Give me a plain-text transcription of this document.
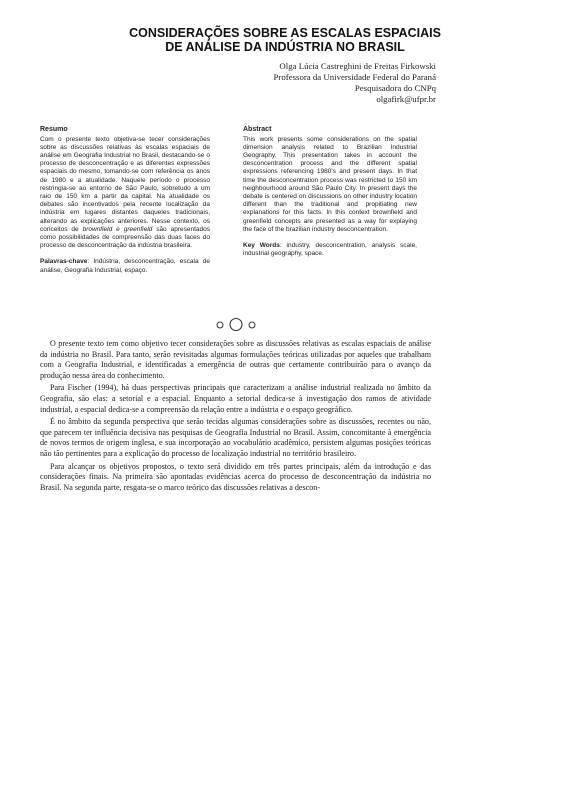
CONSIDERAÇÕES SOBRE AS ESCALAS ESPACIAIS
DE ANÁLISE DA INDÚSTRIA NO BRASIL
Olga Lúcia Castreghini de Freitas Firkowski
Professora da Universidade Federal do Paraná
Pesquisadora do CNPq
olgafirk@ufpr.br
Resumo

Com o presente texto objetiva-se tecer considerações sobre as discussões relativas às escalas espaciais de análise em Geografia Industrial no Brasil, destacando-se o processo de desconcentração e as diferentes expressões espaciais do mesmo, tomando-se com referência os anos de 1980 e a atualidade. Naquele período o processo restringia-se ao entorno de São Paulo, sobretudo a um raio de 150 km a partir da capital. Na atualidade os debates são incentivados pela recente localização da indústria em lugares distantes daqueles tradicionais, alterando as explicações anteriores. Nesse contexto, os conceitos de brownfield e greenfield são apresentados como possibilidades de compreensão das duas faces do processo de desconcentração da indústria brasileira.

Palavras-chave: Indústria, desconcentração, escala de análise, Geografia Industrial, espaço.

Abstract

This work presents some considerations on the spatial dimension analysis related to Brazilian Industrial Geography. This presentation takes in account the desconcentration process and the different spatial expressions referencing 1980's and present days. In that time the desconcentration process was restricted to 150 km neighbourhood around São Paulo City. In present days the debate is centered on discussions on other industry location different than the traditional and propitiating new explanations for this facts. In this context brownfield and greenfield concepts are presented as a way for explaying the face of the brazilian industry desconcentration.

Key Words: industry, desconcentration, analysis scale, industrial geography, space.

O presente texto tem como objetivo tecer considerações sobre as discussões relativas as escalas espaciais de análise da indústria no Brasil. Para tanto, serão revisitadas algumas formulações teóricas utilizadas por aqueles que trabalham com a Geografia Industrial, e identificadas a emergência de outras que certamente contribuirão para o avanço da produção nessa área do conhecimento.

Para Fischer (1994), há duas perspectivas principais que caracterizam a análise industrial realizada no âmbito da Geografia, são elas: a setorial e a espacial. Enquanto a setorial dedica-se à investigação dos ramos de atividade industrial, a espacial dedica-se a compreensão da relação entre a indústria e o espaço geográfico.

É no âmbito da segunda perspectiva que serão tecidas algumas considerações sobre as discussões, recentes ou não, que parecem ter influência decisiva nas pesquisas de Geografia Industrial no Brasil. Assim, concomitante à emergência de novos termos de origem inglesa, e sua incorporação ao vocabulário acadêmico, persistem algumas posições teóricas não tão pertinentes para a explicação do processo de localização industrial no território brasileiro.

Para alcançar os objetivos propostos, o texto será dividido em três partes principais, além da introdução e das considerações finais. Na primeira são apontadas evidências acerca do processo de desconcentração da indústria no Brasil. Na segunda parte, resgata-se o marco teórico das discussões relativas a descon-
